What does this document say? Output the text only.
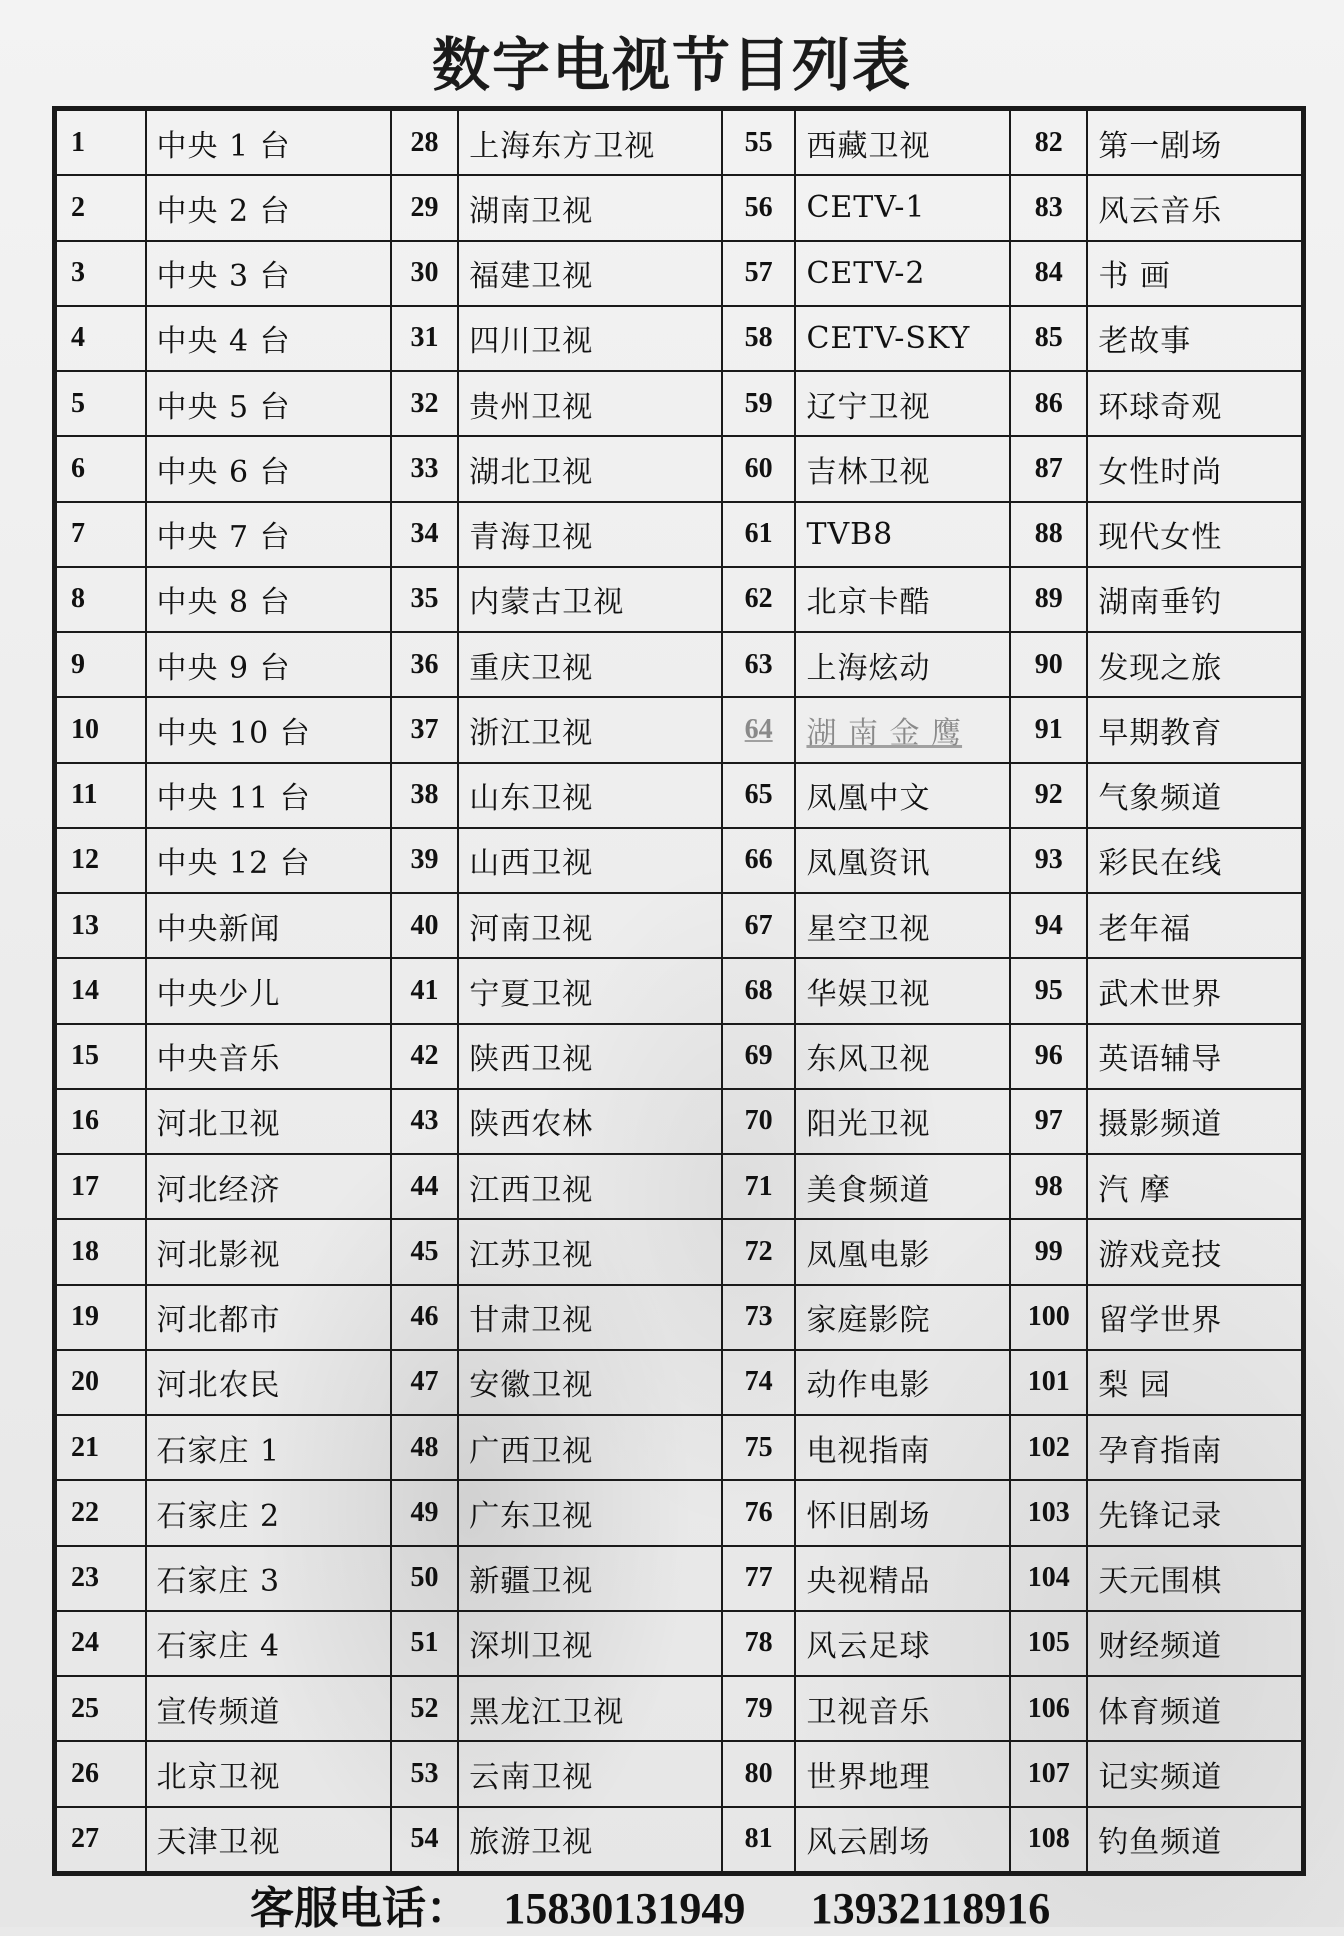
数字电视节目列表
1	中央 1 台	28	上海东方卫视	55	西藏卫视	82	第一剧场
2	中央 2 台	29	湖南卫视	56	CETV-1	83	风云音乐
3	中央 3 台	30	福建卫视	57	CETV-2	84	书 画
4	中央 4 台	31	四川卫视	58	CETV-SKY	85	老故事
5	中央 5 台	32	贵州卫视	59	辽宁卫视	86	环球奇观
6	中央 6 台	33	湖北卫视	60	吉林卫视	87	女性时尚
7	中央 7 台	34	青海卫视	61	TVB8	88	现代女性
8	中央 8 台	35	内蒙古卫视	62	北京卡酷	89	湖南垂钓
9	中央 9 台	36	重庆卫视	63	上海炫动	90	发现之旅
10	中央 10 台	37	浙江卫视	64	湖 南 金 鹰	91	早期教育
11	中央 11 台	38	山东卫视	65	凤凰中文	92	气象频道
12	中央 12 台	39	山西卫视	66	凤凰资讯	93	彩民在线
13	中央新闻	40	河南卫视	67	星空卫视	94	老年福
14	中央少儿	41	宁夏卫视	68	华娱卫视	95	武术世界
15	中央音乐	42	陕西卫视	69	东风卫视	96	英语辅导
16	河北卫视	43	陕西农林	70	阳光卫视	97	摄影频道
17	河北经济	44	江西卫视	71	美食频道	98	汽 摩
18	河北影视	45	江苏卫视	72	凤凰电影	99	游戏竞技
19	河北都市	46	甘肃卫视	73	家庭影院	100	留学世界
20	河北农民	47	安徽卫视	74	动作电影	101	梨 园
21	石家庄 1	48	广西卫视	75	电视指南	102	孕育指南
22	石家庄 2	49	广东卫视	76	怀旧剧场	103	先锋记录
23	石家庄 3	50	新疆卫视	77	央视精品	104	天元围棋
24	石家庄 4	51	深圳卫视	78	风云足球	105	财经频道
25	宣传频道	52	黑龙江卫视	79	卫视音乐	106	体育频道
26	北京卫视	53	云南卫视	80	世界地理	107	记实频道
27	天津卫视	54	旅游卫视	81	风云剧场	108	钓鱼频道
客服电话： 15830131949 13932118916
